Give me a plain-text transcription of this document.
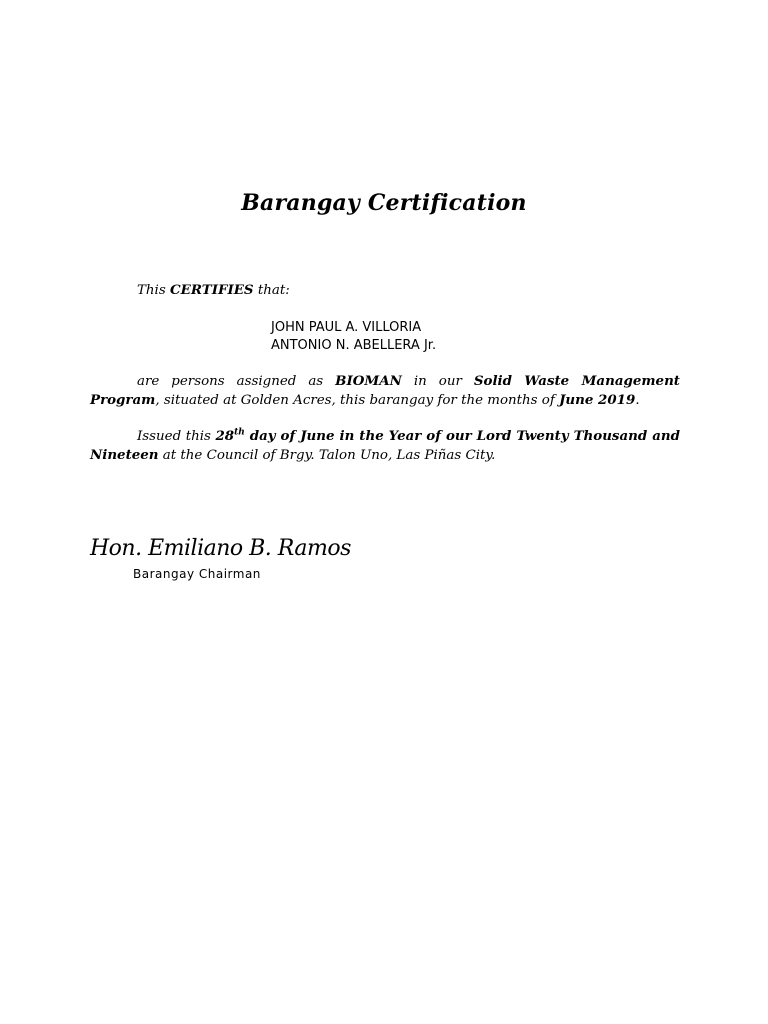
Barangay Certification
This CERTIFIES that:
JOHN PAUL A. VILLORIA
ANTONIO N. ABELLERA Jr.
are persons assigned as BIOMAN in our Solid Waste Management Program, situated at Golden Acres, this barangay for the months of June 2019.
Issued this 28th day of June in the Year of our Lord Twenty Thousand and Nineteen at the Council of Brgy. Talon Uno, Las Piñas City.
Hon. Emiliano B. Ramos
Barangay Chairman
